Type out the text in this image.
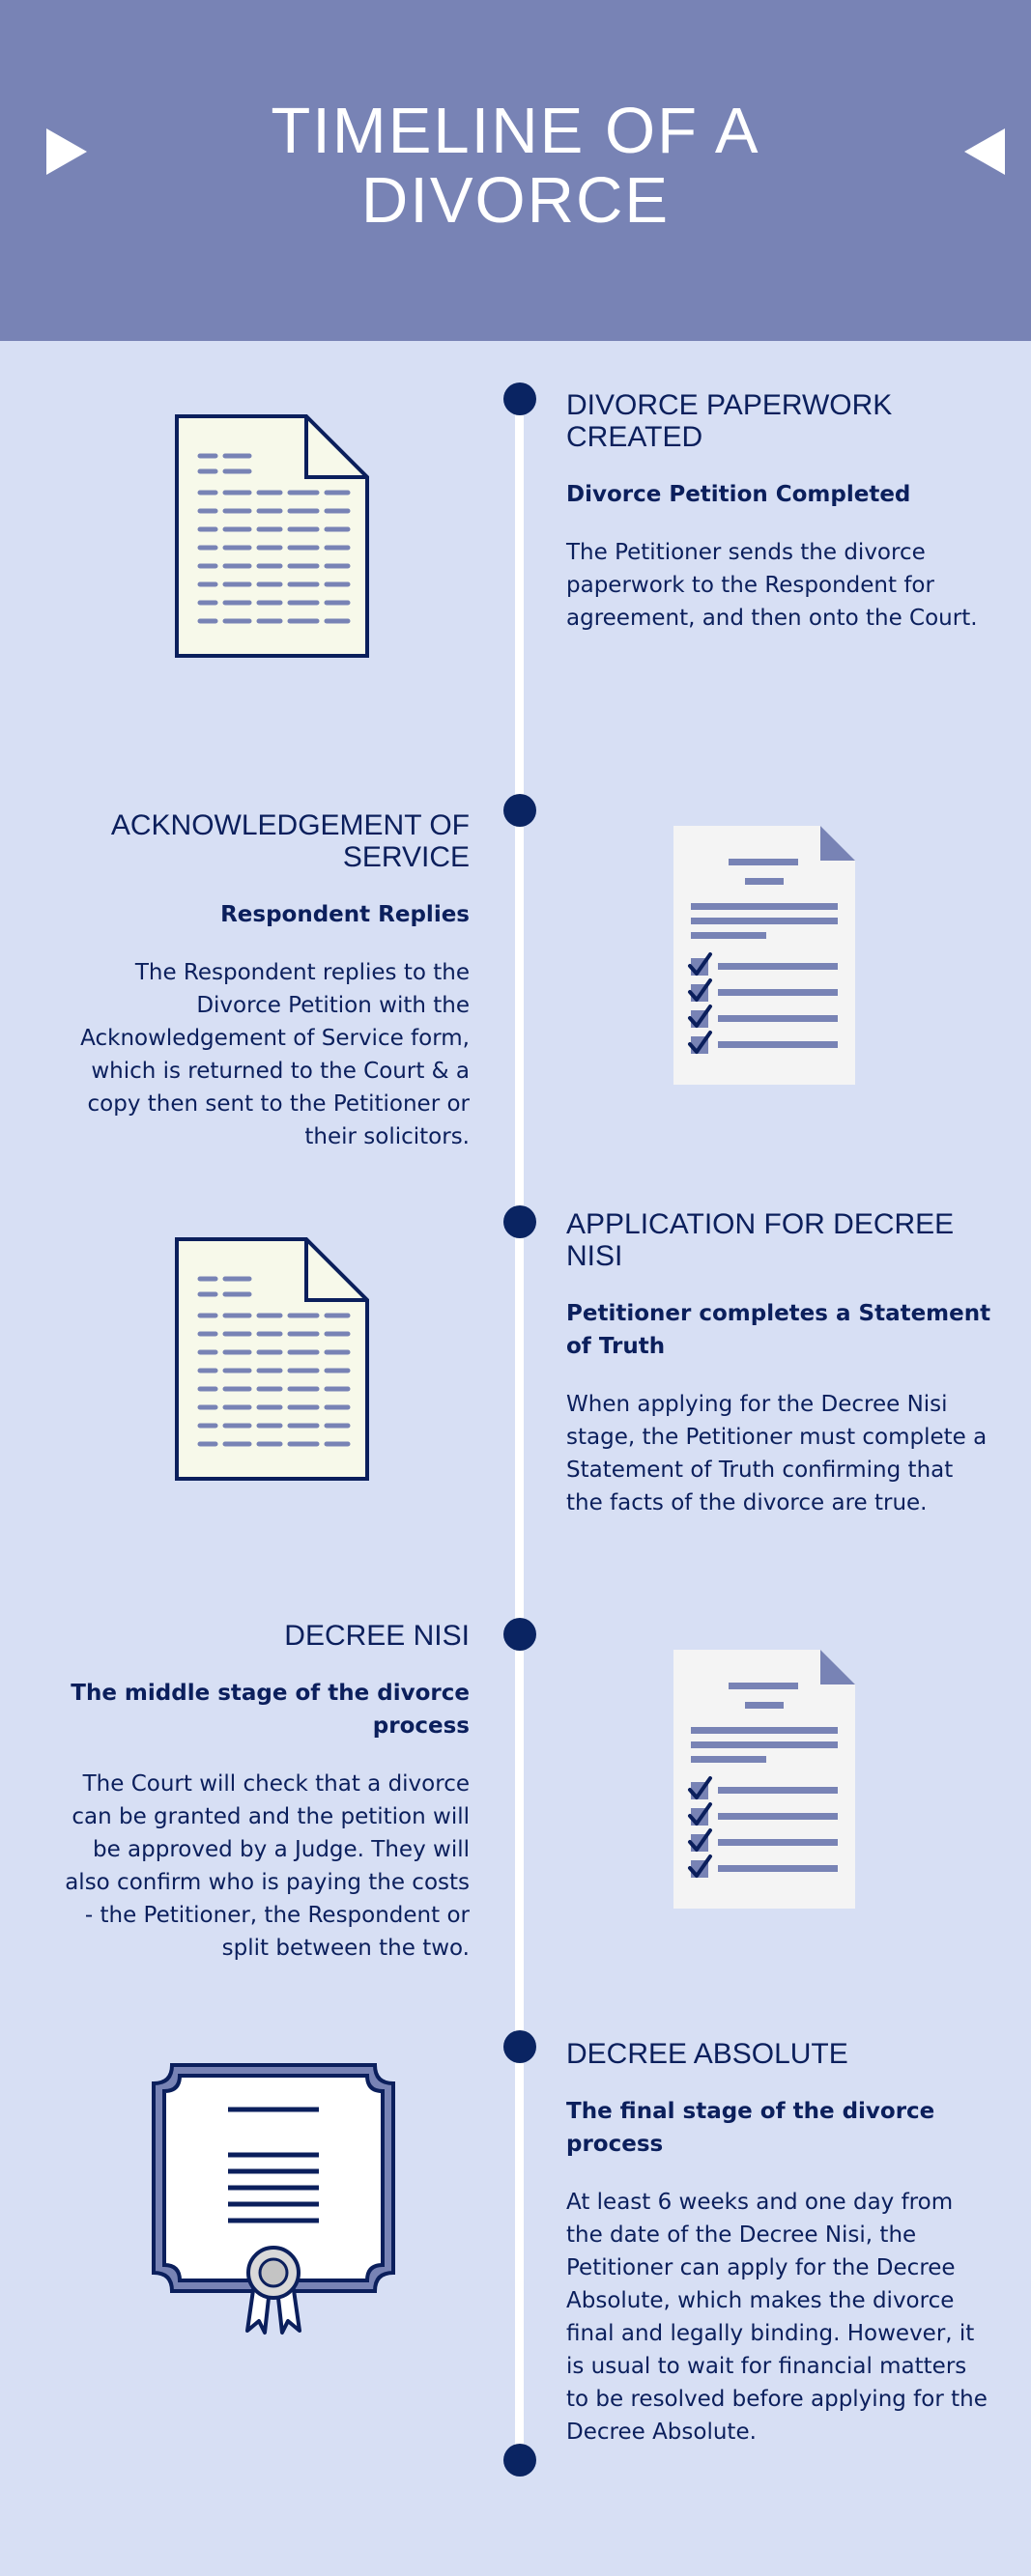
TIMELINE OF A
DIVORCE
DIVORCE PAPERWORK CREATED

Divorce Petition Completed

The Petitioner sends the divorce paperwork to the Respondent for agreement, and then onto the Court.

ACKNOWLEDGEMENT OF SERVICE

Respondent Replies

The Respondent replies to the Divorce Petition with the Acknowledgement of Service form, which is returned to the Court & a copy then sent to the Petitioner or their solicitors.

APPLICATION FOR DECREE NISI

Petitioner completes a Statement of Truth

When applying for the Decree Nisi stage, the Petitioner must complete a Statement of Truth confirming that the facts of the divorce are true.

DECREE NISI

The middle stage of the divorce process

The Court will check that a divorce can be granted and the petition will be approved by a Judge. They will also confirm who is paying the costs - the Petitioner, the Respondent or split between the two.

DECREE ABSOLUTE

The final stage of the divorce process

At least 6 weeks and one day from the date of the Decree Nisi, the Petitioner can apply for the Decree Absolute, which makes the divorce final and legally binding. However, it is usual to wait for financial matters to be resolved before applying for the Decree Absolute.
